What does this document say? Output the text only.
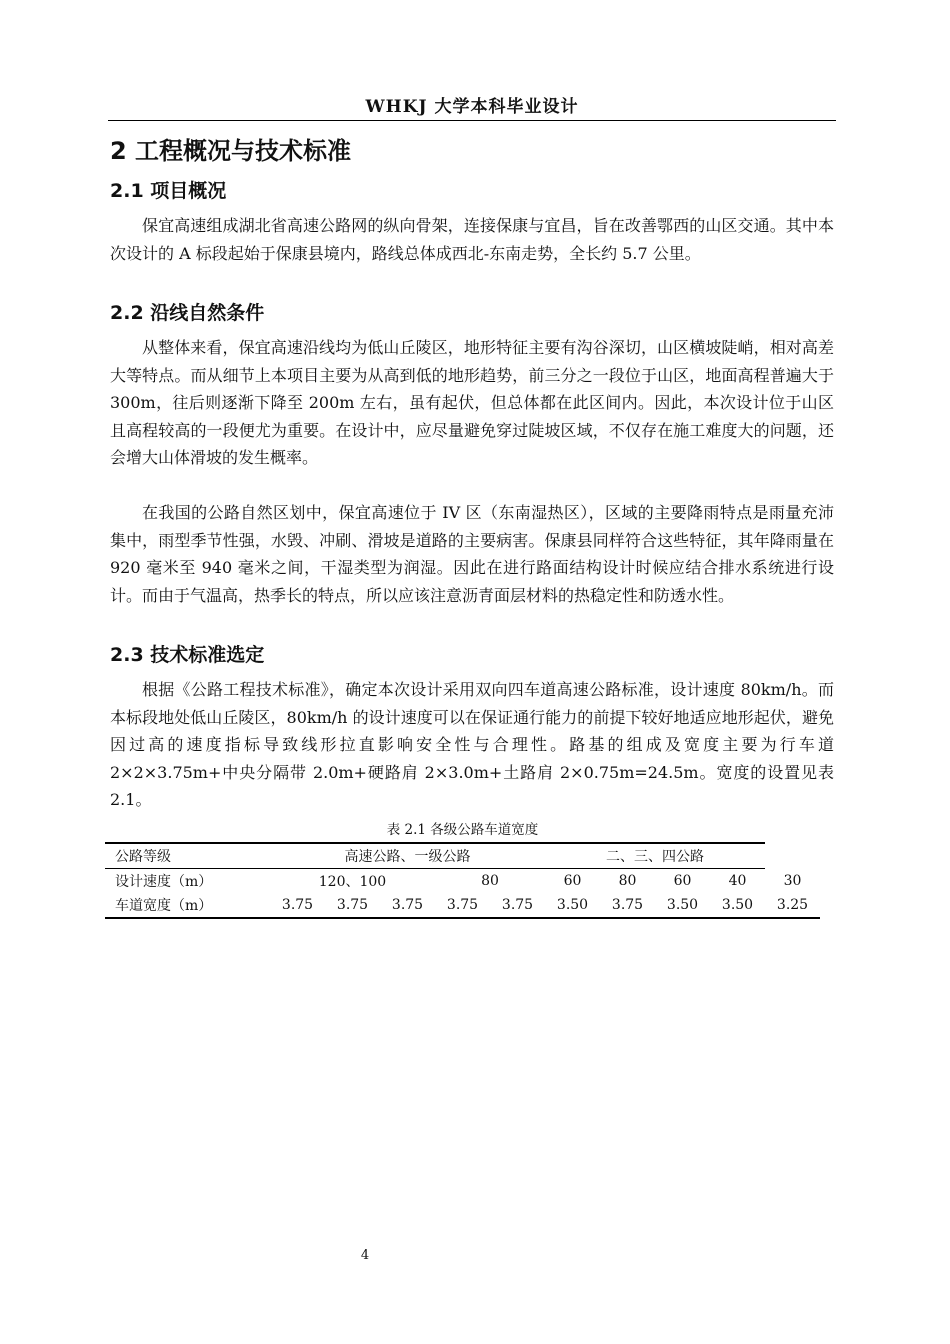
WHKJ 大学本科毕业设计
2 工程概况与技术标准
2.1 项目概况

保宜高速组成湖北省高速公路网的纵向骨架，连接保康与宜昌，旨在改善鄂西的山区交通。其中本次设计的 A 标段起始于保康县境内，路线总体成西北-东南走势，全长约 5.7 公里。

2.2 沿线自然条件

从整体来看，保宜高速沿线均为低山丘陵区，地形特征主要有沟谷深切，山区横坡陡峭，相对高差大等特点。而从细节上本项目主要为从高到低的地形趋势，前三分之一段位于山区，地面高程普遍大于 300m，往后则逐渐下降至 200m 左右，虽有起伏，但总体都在此区间内。因此，本次设计位于山区且高程较高的一段便尤为重要。在设计中，应尽量避免穿过陡坡区域，不仅存在施工难度大的问题，还会增大山体滑坡的发生概率。

在我国的公路自然区划中，保宜高速位于 IV 区（东南湿热区），区域的主要降雨特点是雨量充沛集中，雨型季节性强，水毁、冲刷、滑坡是道路的主要病害。保康县同样符合这些特征，其年降雨量在 920 毫米至 940 毫米之间，干湿类型为润湿。因此在进行路面结构设计时候应结合排水系统进行设计。而由于气温高，热季长的特点，所以应该注意沥青面层材料的热稳定性和防透水性。

2.3 技术标准选定

根据《公路工程技术标准》，确定本次设计采用双向四车道高速公路标准，设计速度 80km/h。而本标段地处低山丘陵区，80km/h 的设计速度可以在保证通行能力的前提下较好地适应地形起伏，避免因过高的速度指标导致线形拉直影响安全性与合理性。路基的组成及宽度主要为行车道 2×2×3.75m+中央分隔带 2.0m+硬路肩 2×3.0m+土路肩 2×0.75m=24.5m。宽度的设置见表2.1。

表 2.1 各级公路车道宽度
公路等级	高速公路、一级公路					二、三、四公路				
设计速度（m）	120、100			80		60	80	60	40	30
车道宽度（m）	3.75	3.75	3.75	3.75	3.75	3.50	3.75	3.50	3.50	3.25
4
